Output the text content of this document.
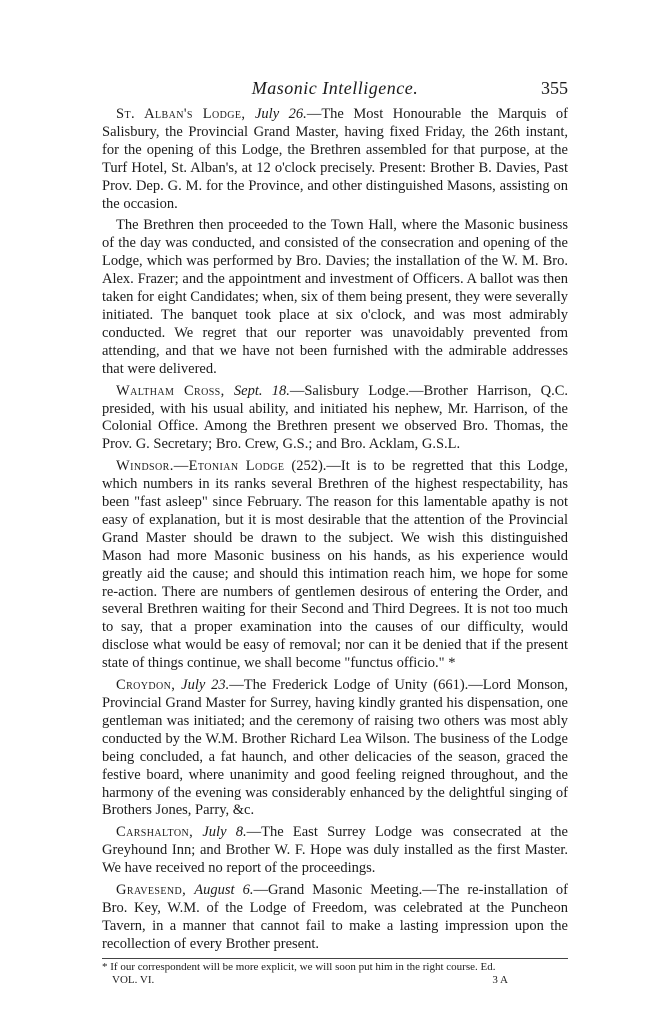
Masonic Intelligence.	355

St. Alban's Lodge, July 26.—The Most Honourable the Marquis of Salisbury, the Provincial Grand Master, having fixed Friday, the 26th instant, for the opening of this Lodge, the Brethren assembled for that purpose, at the Turf Hotel, St. Alban's, at 12 o'clock precisely. Present: Brother B. Davies, Past Prov. Dep. G. M. for the Province, and other distinguished Masons, assisting on the occasion.

The Brethren then proceeded to the Town Hall, where the Masonic business of the day was conducted, and consisted of the consecration and opening of the Lodge, which was performed by Bro. Davies; the installation of the W. M. Bro. Alex. Frazer; and the appointment and investment of Officers. A ballot was then taken for eight Candidates; when, six of them being present, they were severally initiated. The banquet took place at six o'clock, and was most admirably conducted. We regret that our reporter was unavoidably prevented from attending, and that we have not been furnished with the admirable addresses that were delivered.

Waltham Cross, Sept. 18.—Salisbury Lodge.—Brother Harrison, Q.C. presided, with his usual ability, and initiated his nephew, Mr. Harrison, of the Colonial Office. Among the Brethren present we observed Bro. Thomas, the Prov. G. Secretary; Bro. Crew, G.S.; and Bro. Acklam, G.S.L.

Windsor.—Etonian Lodge (252).—It is to be regretted that this Lodge, which numbers in its ranks several Brethren of the highest respectability, has been "fast asleep" since February. The reason for this lamentable apathy is not easy of explanation, but it is most desirable that the attention of the Provincial Grand Master should be drawn to the subject. We wish this distinguished Mason had more Masonic business on his hands, as his experience would greatly aid the cause; and should this intimation reach him, we hope for some re-action. There are numbers of gentlemen desirous of entering the Order, and several Brethren waiting for their Second and Third Degrees. It is not too much to say, that a proper examination into the causes of our difficulty, would disclose what would be easy of removal; nor can it be denied that if the present state of things continue, we shall become "functus officio." *

Croydon, July 23.—The Frederick Lodge of Unity (661).—Lord Monson, Provincial Grand Master for Surrey, having kindly granted his dispensation, one gentleman was initiated; and the ceremony of raising two others was most ably conducted by the W.M. Brother Richard Lea Wilson. The business of the Lodge being concluded, a fat haunch, and other delicacies of the season, graced the festive board, where unanimity and good feeling reigned throughout, and the harmony of the evening was considerably enhanced by the delightful singing of Brothers Jones, Parry, &c.

Carshalton, July 8.—The East Surrey Lodge was consecrated at the Greyhound Inn; and Brother W. F. Hope was duly installed as the first Master. We have received no report of the proceedings.

Gravesend, August 6.—Grand Masonic Meeting.—The re-installation of Bro. Key, W.M. of the Lodge of Freedom, was celebrated at the Puncheon Tavern, in a manner that cannot fail to make a lasting impression upon the recollection of every Brother present.

* If our correspondent will be more explicit, we will soon put him in the right course. Ed.
VOL. VI.	3 A
